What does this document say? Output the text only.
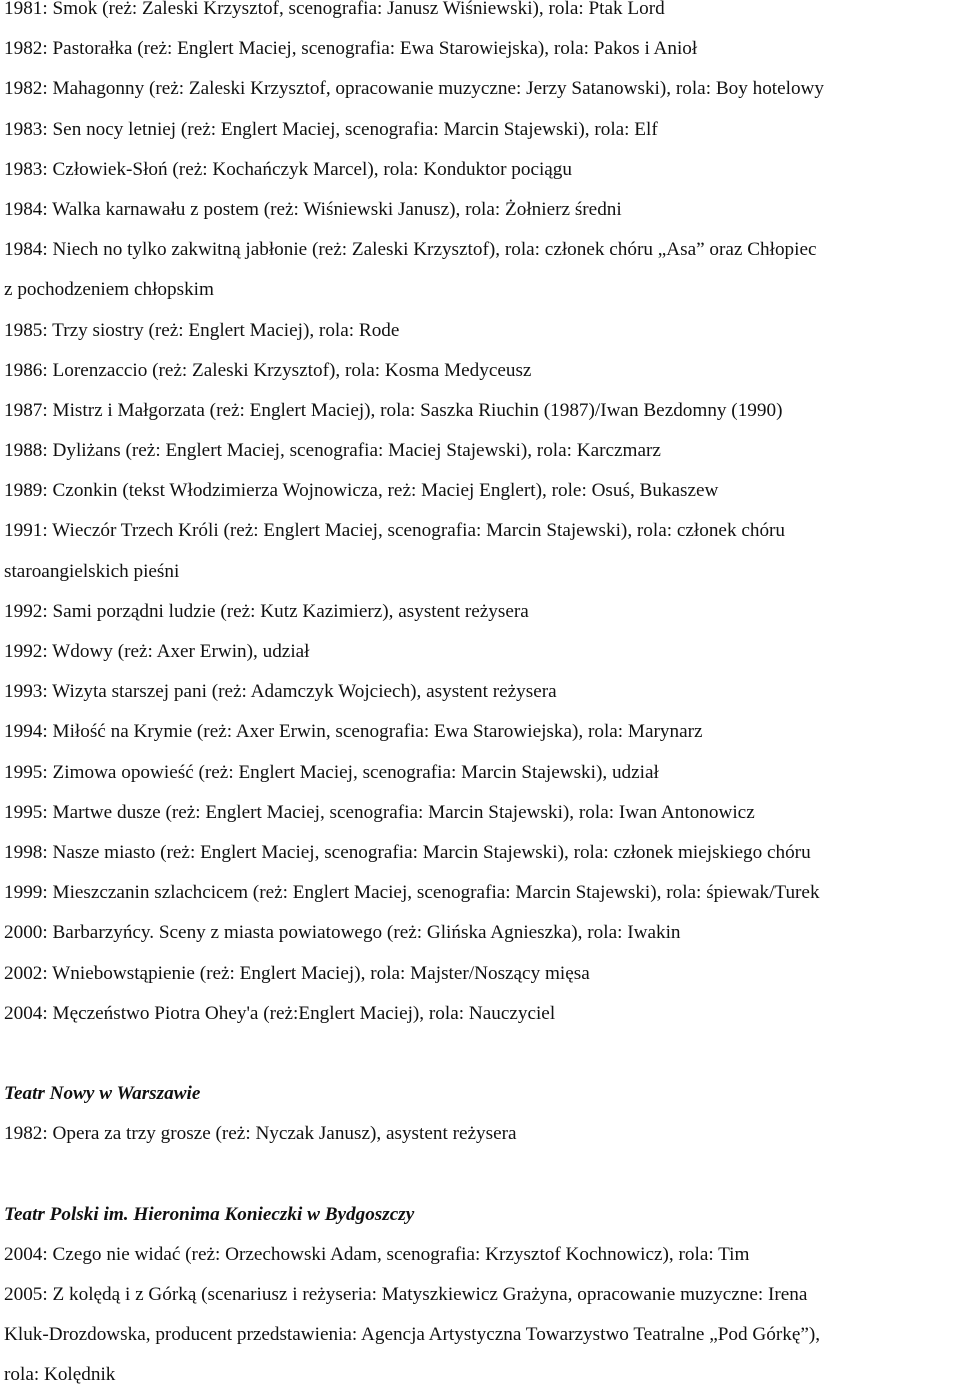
1981: Smok (reż: Zaleski Krzysztof, scenografia: Janusz Wiśniewski), rola: Ptak Lord
1982: Pastorałka (reż: Englert Maciej, scenografia: Ewa Starowiejska), rola: Pakos i Anioł
1982: Mahagonny (reż: Zaleski Krzysztof, opracowanie muzyczne: Jerzy Satanowski), rola: Boy hotelowy
1983: Sen nocy letniej (reż: Englert Maciej, scenografia: Marcin Stajewski), rola: Elf
1983: Człowiek-Słoń (reż: Kochańczyk Marcel), rola: Konduktor pociągu
1984: Walka karnawału z postem (reż: Wiśniewski Janusz), rola: Żołnierz średni
1984: Niech no tylko zakwitną jabłonie (reż: Zaleski Krzysztof), rola: członek chóru „Asa” oraz Chłopiec
z pochodzeniem chłopskim
1985: Trzy siostry (reż: Englert Maciej), rola: Rode
1986: Lorenzaccio (reż: Zaleski Krzysztof), rola: Kosma Medyceusz
1987: Mistrz i Małgorzata (reż: Englert Maciej), rola: Saszka Riuchin (1987)/Iwan Bezdomny (1990)
1988: Dyliżans (reż: Englert Maciej, scenografia: Maciej Stajewski), rola: Karczmarz
1989: Czonkin (tekst Włodzimierza Wojnowicza, reż: Maciej Englert), role: Osuś, Bukaszew
1991: Wieczór Trzech Króli (reż: Englert Maciej, scenografia: Marcin Stajewski), rola: członek chóru
staroangielskich pieśni
1992: Sami porządni ludzie (reż: Kutz Kazimierz), asystent reżysera
1992: Wdowy (reż: Axer Erwin), udział
1993: Wizyta starszej pani (reż: Adamczyk Wojciech), asystent reżysera
1994: Miłość na Krymie (reż: Axer Erwin, scenografia: Ewa Starowiejska), rola: Marynarz
1995: Zimowa opowieść (reż: Englert Maciej, scenografia: Marcin Stajewski), udział
1995: Martwe dusze (reż: Englert Maciej, scenografia: Marcin Stajewski), rola: Iwan Antonowicz
1998: Nasze miasto (reż: Englert Maciej, scenografia: Marcin Stajewski), rola: członek miejskiego chóru
1999: Mieszczanin szlachcicem (reż: Englert Maciej, scenografia: Marcin Stajewski), rola: śpiewak/Turek
2000: Barbarzyńcy. Sceny z miasta powiatowego (reż: Glińska Agnieszka), rola: Iwakin
2002: Wniebowstąpienie (reż: Englert Maciej), rola: Majster/Noszący mięsa
2004: Męczeństwo Piotra Ohey'a (reż:Englert Maciej), rola: Nauczyciel
Teatr Nowy w Warszawie
1982: Opera za trzy grosze (reż: Nyczak Janusz), asystent reżysera
Teatr Polski im. Hieronima Konieczki w Bydgoszczy
2004: Czego nie widać (reż: Orzechowski Adam, scenografia: Krzysztof Kochnowicz), rola: Tim
2005: Z kolędą i z Górką (scenariusz i reżyseria: Matyszkiewicz Grażyna, opracowanie muzyczne: Irena
Kluk-Drozdowska, producent przedstawienia: Agencja Artystyczna Towarzystwo Teatralne „Pod Górkę”),
rola: Kolędnik
